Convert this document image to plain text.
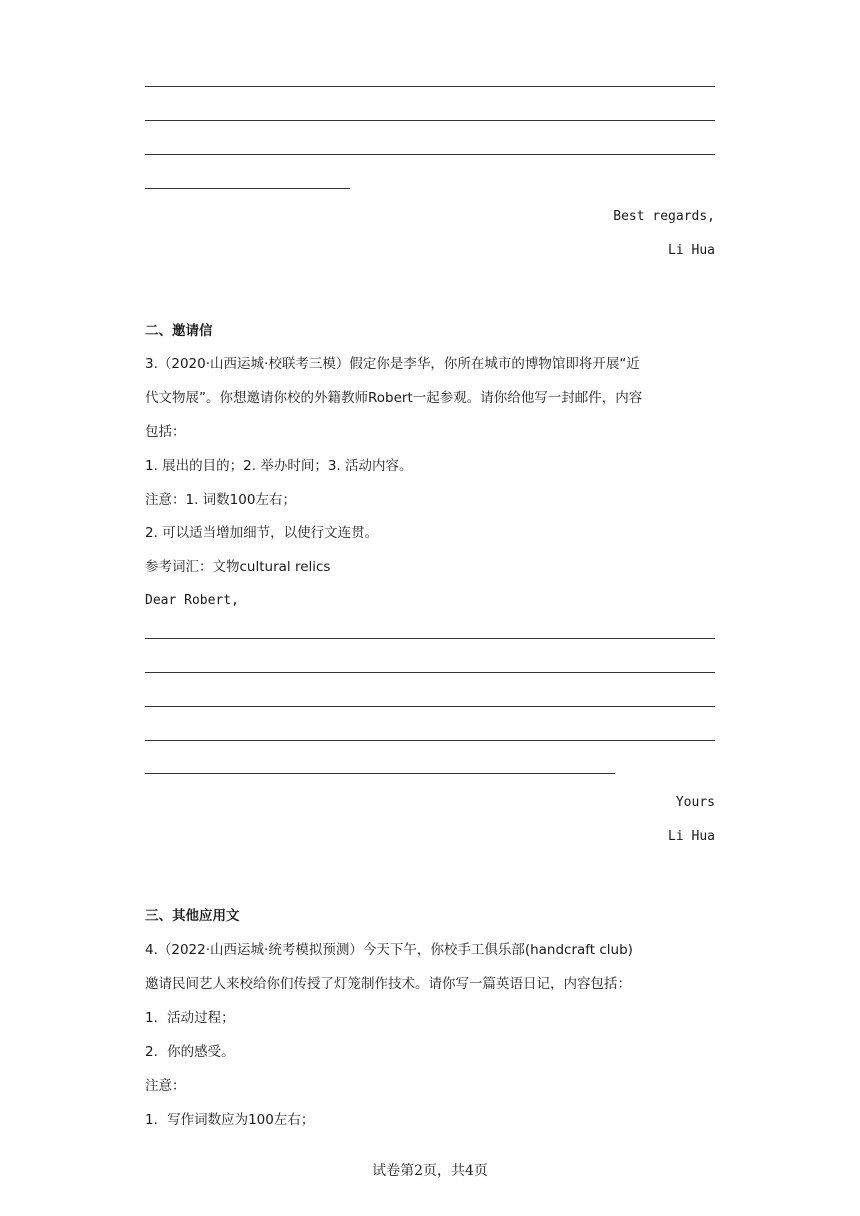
Best regards,
Li Hua
二、邀请信
3.（2020·山西运城·校联考三模）假定你是李华，你所在城市的博物馆即将开展“近
代文物展”。你想邀请你校的外籍教师Robert一起参观。请你给他写一封邮件，内容
包括：
1. 展出的目的；2. 举办时间；3. 活动内容。
注意：1. 词数100左右；
2. 可以适当增加细节，以使行文连贯。
参考词汇：文物cultural relics
Dear Robert,
Yours
Li Hua
三、其他应用文
4.（2022·山西运城·统考模拟预测）今天下午，你校手工俱乐部(handcraft club)
邀请民间艺人来校给你们传授了灯笼制作技术。请你写一篇英语日记，内容包括：
1．活动过程；
2．你的感受。
注意：
1．写作词数应为100左右；
试卷第2页，共4页
